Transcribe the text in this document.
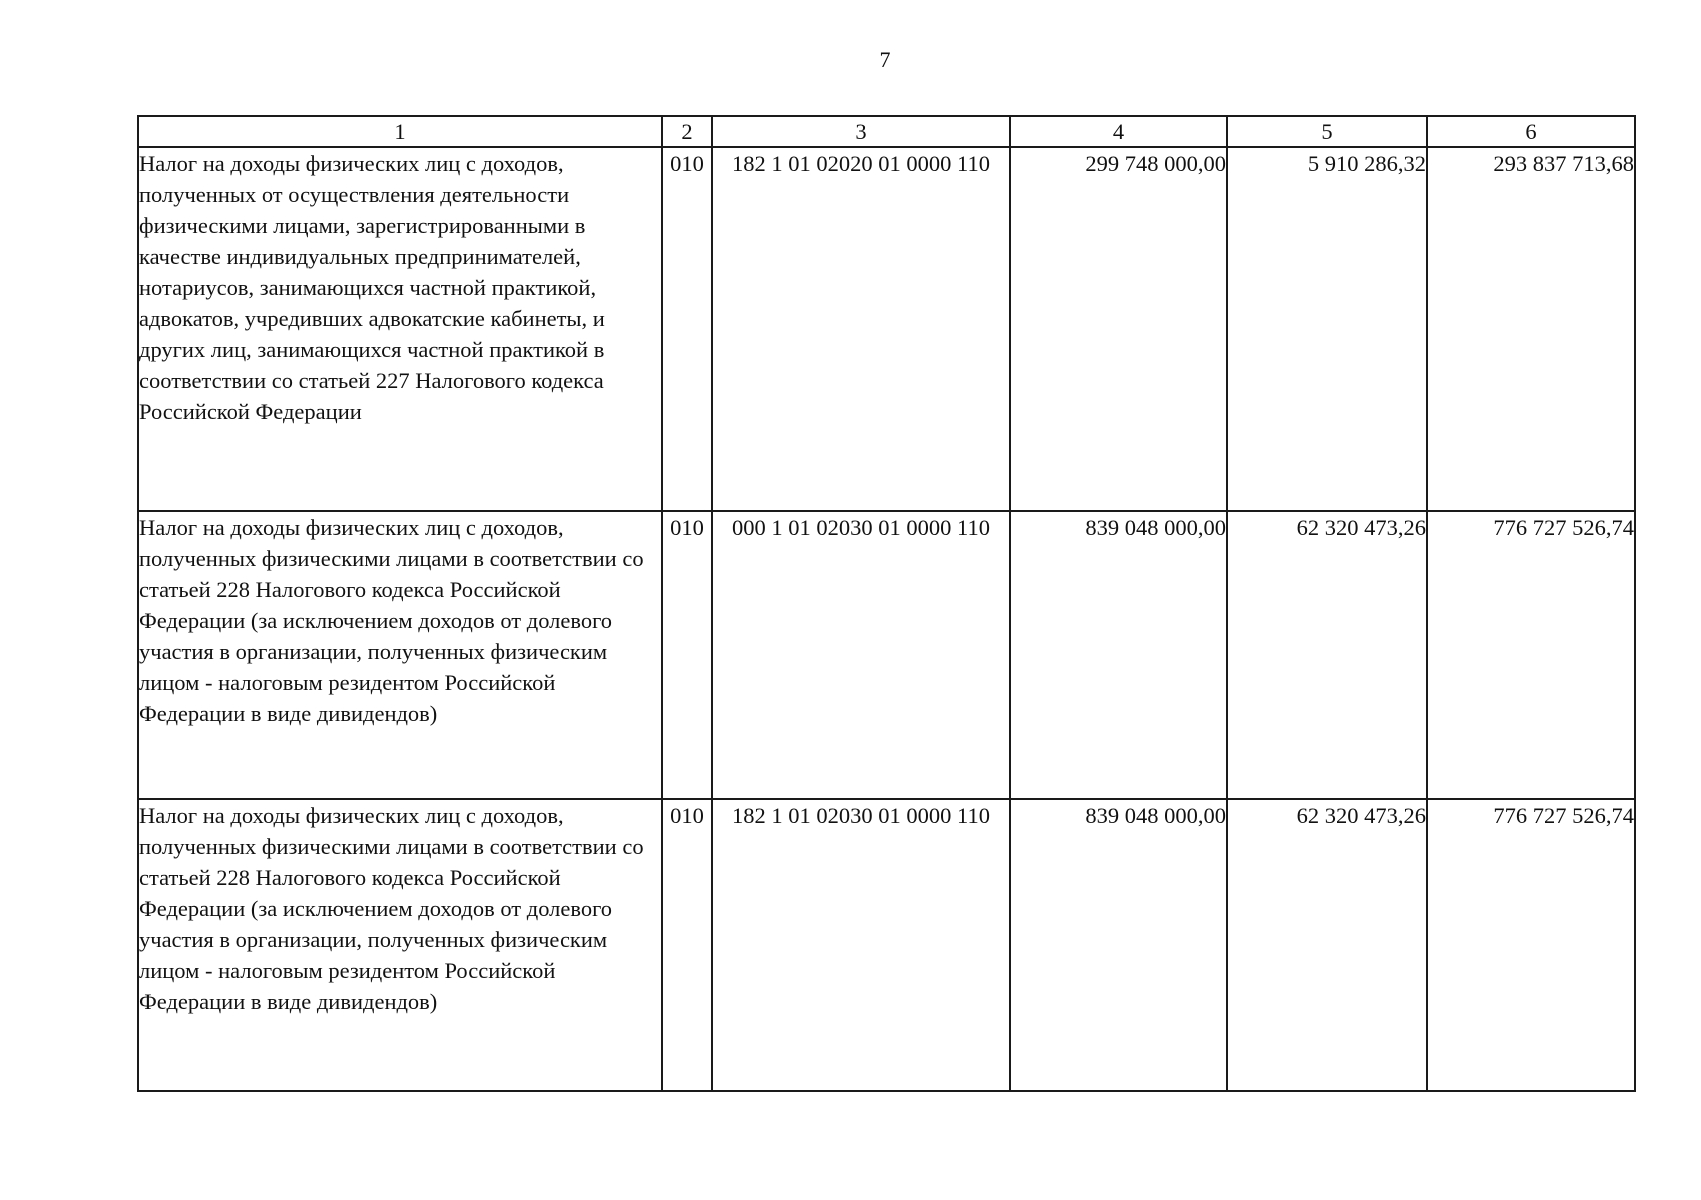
7
1	2	3	4	5	6
Налог на доходы физических лиц с доходов, полученных от осуществления деятельности физическими лицами, зарегистрированными в качестве индивидуальных предпринимателей, нотариусов, занимающихся частной практикой, адвокатов, учредивших адвокатские кабинеты, и других лиц, занимающихся частной практикой в соответствии со статьей 227 Налогового кодекса Российской Федерации	010	182 1 01 02020 01 0000 110	299 748 000,00	5 910 286,32	293 837 713,68
Налог на доходы физических лиц с доходов, полученных физическими лицами в соответствии со статьей 228 Налогового кодекса Российской Федерации (за исключением доходов от долевого участия в организации, полученных физическим лицом - налоговым резидентом Российской Федерации в виде дивидендов)	010	000 1 01 02030 01 0000 110	839 048 000,00	62 320 473,26	776 727 526,74
Налог на доходы физических лиц с доходов, полученных физическими лицами в соответствии со статьей 228 Налогового кодекса Российской Федерации (за исключением доходов от долевого участия в организации, полученных физическим лицом - налоговым резидентом Российской Федерации в виде дивидендов)	010	182 1 01 02030 01 0000 110	839 048 000,00	62 320 473,26	776 727 526,74
